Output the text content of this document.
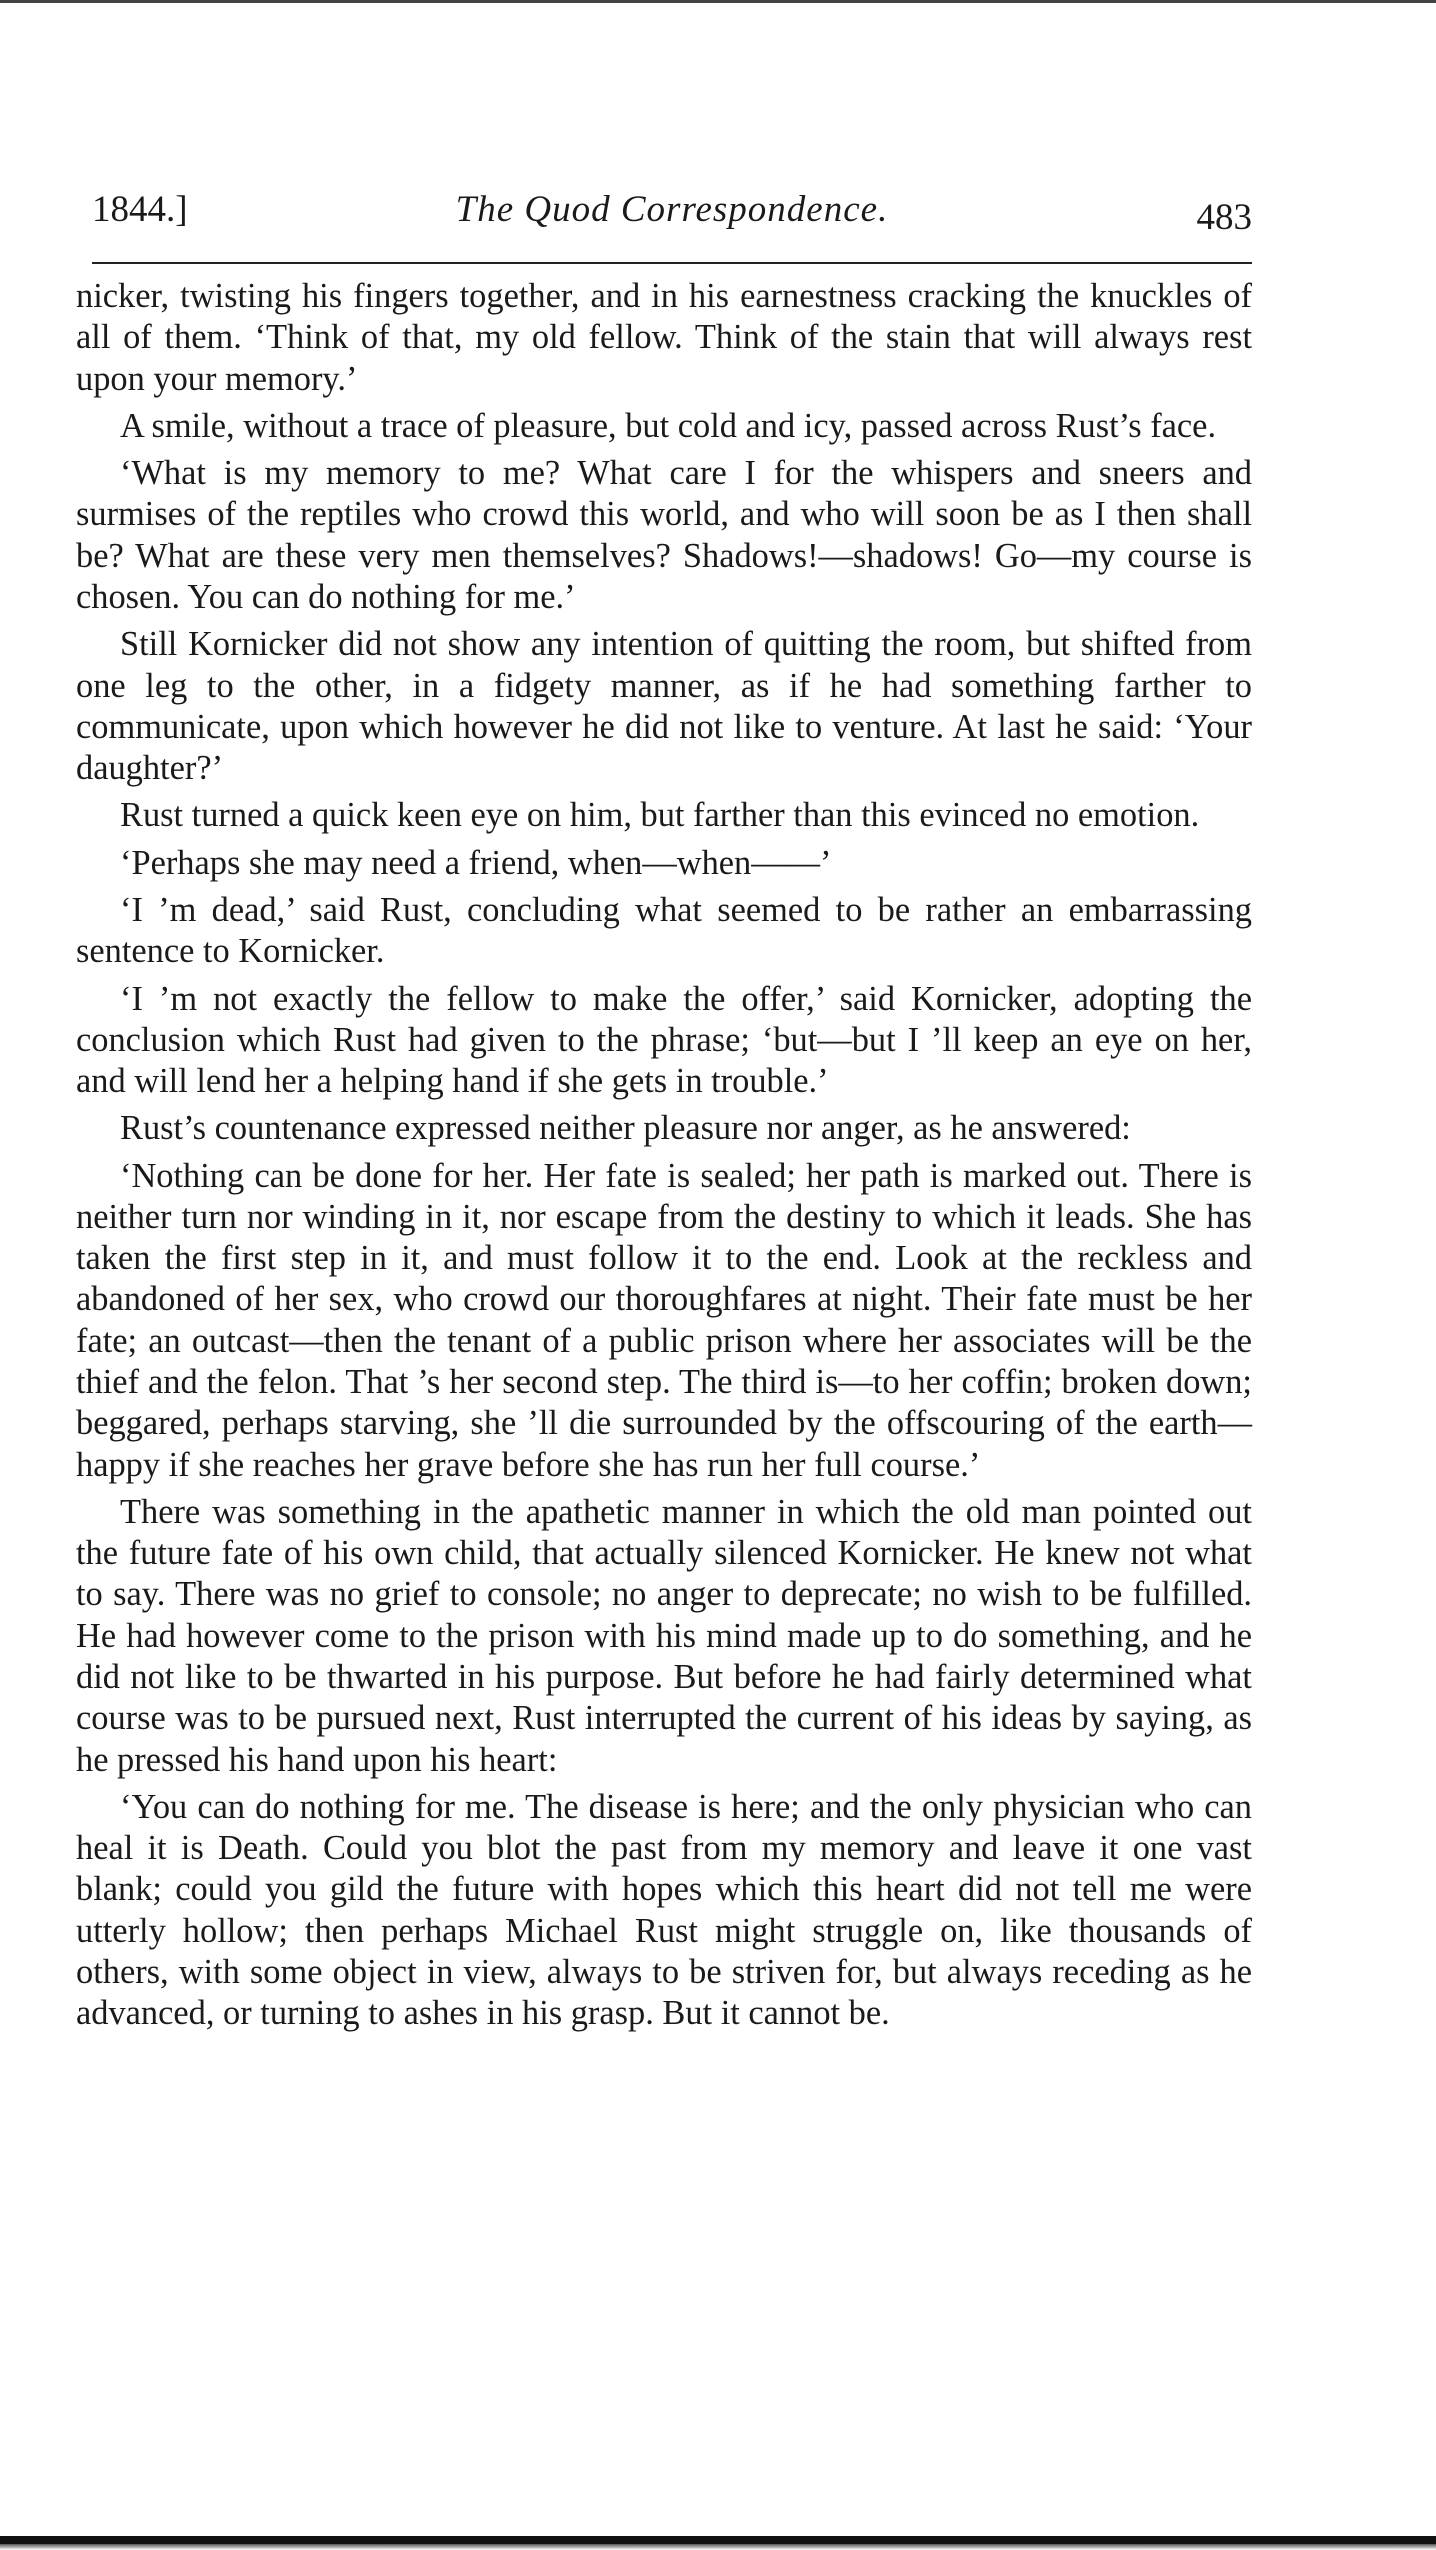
1844.]	The Quod Correspondence.	483

nicker, twisting his fingers together, and in his earnestness cracking the knuckles of all of them. ‘Think of that, my old fellow. Think of the stain that will always rest upon your memory.’

A smile, without a trace of pleasure, but cold and icy, passed across Rust’s face.

‘What is my memory to me? What care I for the whispers and sneers and surmises of the reptiles who crowd this world, and who will soon be as I then shall be? What are these very men themselves? Shadows!—shadows! Go—my course is chosen. You can do nothing for me.’

Still Kornicker did not show any intention of quitting the room, but shifted from one leg to the other, in a fidgety manner, as if he had something farther to communicate, upon which however he did not like to venture. At last he said: ‘Your daughter?’

Rust turned a quick keen eye on him, but farther than this evinced no emotion.

‘Perhaps she may need a friend, when—when——’

‘I ’m dead,’ said Rust, concluding what seemed to be rather an embarrassing sentence to Kornicker.

‘I ’m not exactly the fellow to make the offer,’ said Kornicker, adopting the conclusion which Rust had given to the phrase; ‘but—but I ’ll keep an eye on her, and will lend her a helping hand if she gets in trouble.’

Rust’s countenance expressed neither pleasure nor anger, as he answered:

‘Nothing can be done for her. Her fate is sealed; her path is marked out. There is neither turn nor winding in it, nor escape from the destiny to which it leads. She has taken the first step in it, and must follow it to the end. Look at the reckless and abandoned of her sex, who crowd our thoroughfares at night. Their fate must be her fate; an outcast—then the tenant of a public prison where her associates will be the thief and the felon. That ’s her second step. The third is—to her coffin; broken down; beggared, perhaps starving, she ’ll die surrounded by the offscouring of the earth—happy if she reaches her grave before she has run her full course.’

There was something in the apathetic manner in which the old man pointed out the future fate of his own child, that actually silenced Kornicker. He knew not what to say. There was no grief to console; no anger to deprecate; no wish to be fulfilled. He had however come to the prison with his mind made up to do something, and he did not like to be thwarted in his purpose. But before he had fairly determined what course was to be pursued next, Rust interrupted the current of his ideas by saying, as he pressed his hand upon his heart:

‘You can do nothing for me. The disease is here; and the only physician who can heal it is Death. Could you blot the past from my memory and leave it one vast blank; could you gild the future with hopes which this heart did not tell me were utterly hollow; then perhaps Michael Rust might struggle on, like thousands of others, with some object in view, always to be striven for, but always receding as he advanced, or turning to ashes in his grasp. But it cannot be.
